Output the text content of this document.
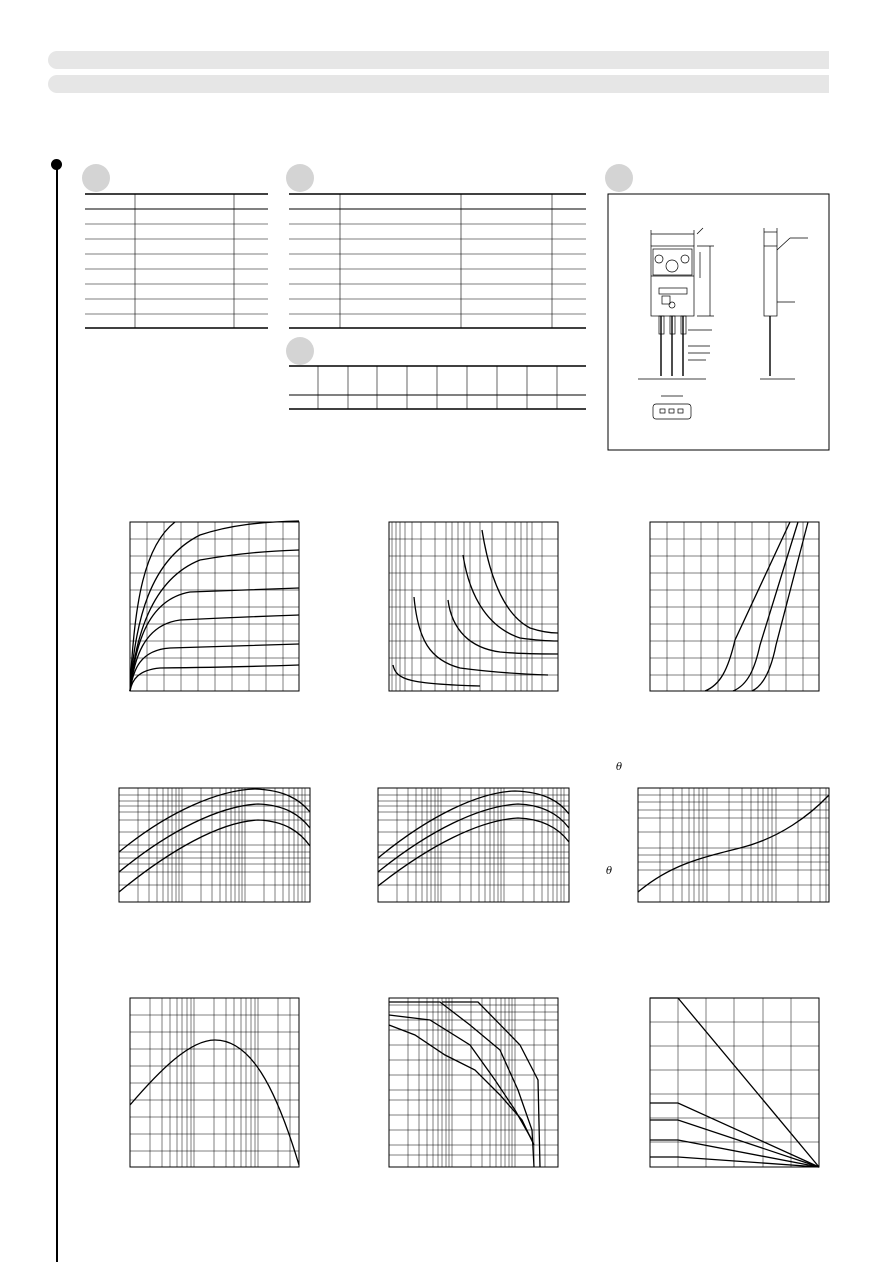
θ
θ
